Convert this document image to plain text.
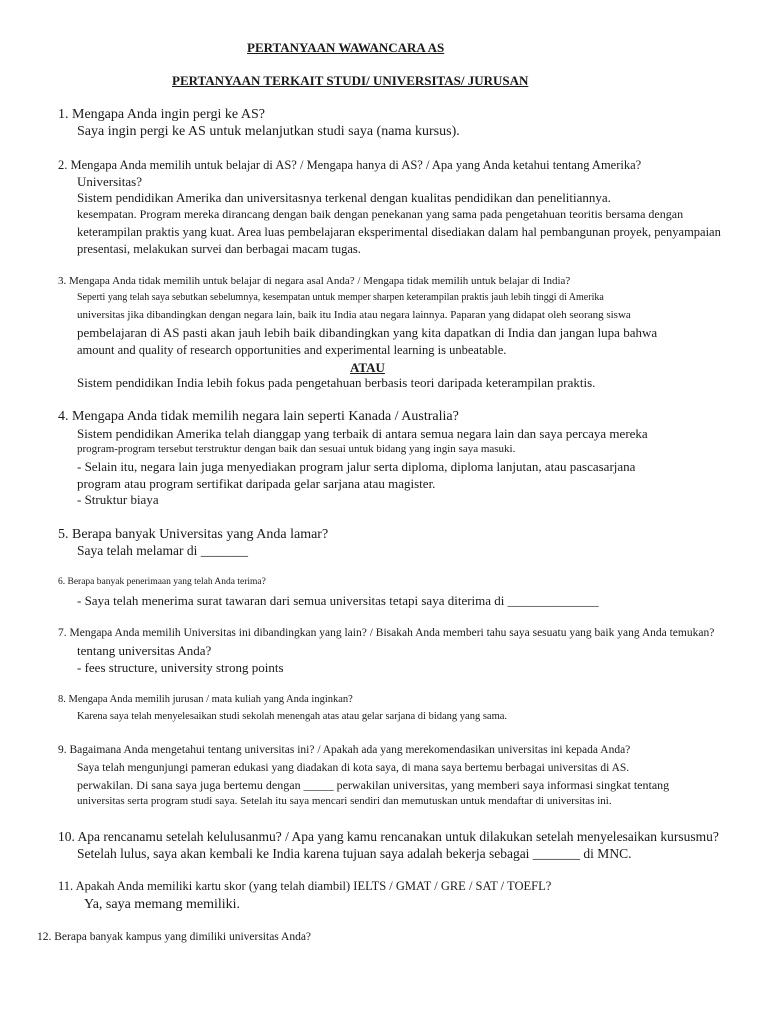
PERTANYAAN WAWANCARA AS
PERTANYAAN TERKAIT STUDI/ UNIVERSITAS/ JURUSAN
1. Mengapa Anda ingin pergi ke AS?
Saya ingin pergi ke AS untuk melanjutkan studi saya (nama kursus).
2. Mengapa Anda memilih untuk belajar di AS? / Mengapa hanya di AS? / Apa yang Anda ketahui tentang Amerika?
Universitas?
Sistem pendidikan Amerika dan universitasnya terkenal dengan kualitas pendidikan dan penelitiannya.
kesempatan. Program mereka dirancang dengan baik dengan penekanan yang sama pada pengetahuan teoritis bersama dengan
keterampilan praktis yang kuat. Area luas pembelajaran eksperimental disediakan dalam hal pembangunan proyek, penyampaian
presentasi, melakukan survei dan berbagai macam tugas.
3. Mengapa Anda tidak memilih untuk belajar di negara asal Anda? / Mengapa tidak memilih untuk belajar di India?
Seperti yang telah saya sebutkan sebelumnya, kesempatan untuk memper sharpen keterampilan praktis jauh lebih tinggi di Amerika
universitas jika dibandingkan dengan negara lain, baik itu India atau negara lainnya. Paparan yang didapat oleh seorang siswa
pembelajaran di AS pasti akan jauh lebih baik dibandingkan yang kita dapatkan di India dan jangan lupa bahwa
amount and quality of research opportunities and experimental learning is unbeatable.
ATAU
Sistem pendidikan India lebih fokus pada pengetahuan berbasis teori daripada keterampilan praktis.
4. Mengapa Anda tidak memilih negara lain seperti Kanada / Australia?
Sistem pendidikan Amerika telah dianggap yang terbaik di antara semua negara lain dan saya percaya mereka
program-program tersebut terstruktur dengan baik dan sesuai untuk bidang yang ingin saya masuki.
- Selain itu, negara lain juga menyediakan program jalur serta diploma, diploma lanjutan, atau pascasarjana
program atau program sertifikat daripada gelar sarjana atau magister.
- Struktur biaya
5. Berapa banyak Universitas yang Anda lamar?
Saya telah melamar di _______
6. Berapa banyak penerimaan yang telah Anda terima?
- Saya telah menerima surat tawaran dari semua universitas tetapi saya diterima di ______________
7. Mengapa Anda memilih Universitas ini dibandingkan yang lain? / Bisakah Anda memberi tahu saya sesuatu yang baik yang Anda temukan?
tentang universitas Anda?
- fees structure, university strong points
8. Mengapa Anda memilih jurusan / mata kuliah yang Anda inginkan?
Karena saya telah menyelesaikan studi sekolah menengah atas atau gelar sarjana di bidang yang sama.
9. Bagaimana Anda mengetahui tentang universitas ini? / Apakah ada yang merekomendasikan universitas ini kepada Anda?
Saya telah mengunjungi pameran edukasi yang diadakan di kota saya, di mana saya bertemu berbagai universitas di AS.
perwakilan. Di sana saya juga bertemu dengan _____ perwakilan universitas, yang memberi saya informasi singkat tentang
universitas serta program studi saya. Setelah itu saya mencari sendiri dan memutuskan untuk mendaftar di universitas ini.
10. Apa rencanamu setelah kelulusanmu? / Apa yang kamu rencanakan untuk dilakukan setelah menyelesaikan kursusmu?
Setelah lulus, saya akan kembali ke India karena tujuan saya adalah bekerja sebagai _______ di MNC.
11. Apakah Anda memiliki kartu skor (yang telah diambil) IELTS / GMAT / GRE / SAT / TOEFL?
Ya, saya memang memiliki.
12. Berapa banyak kampus yang dimiliki universitas Anda?
